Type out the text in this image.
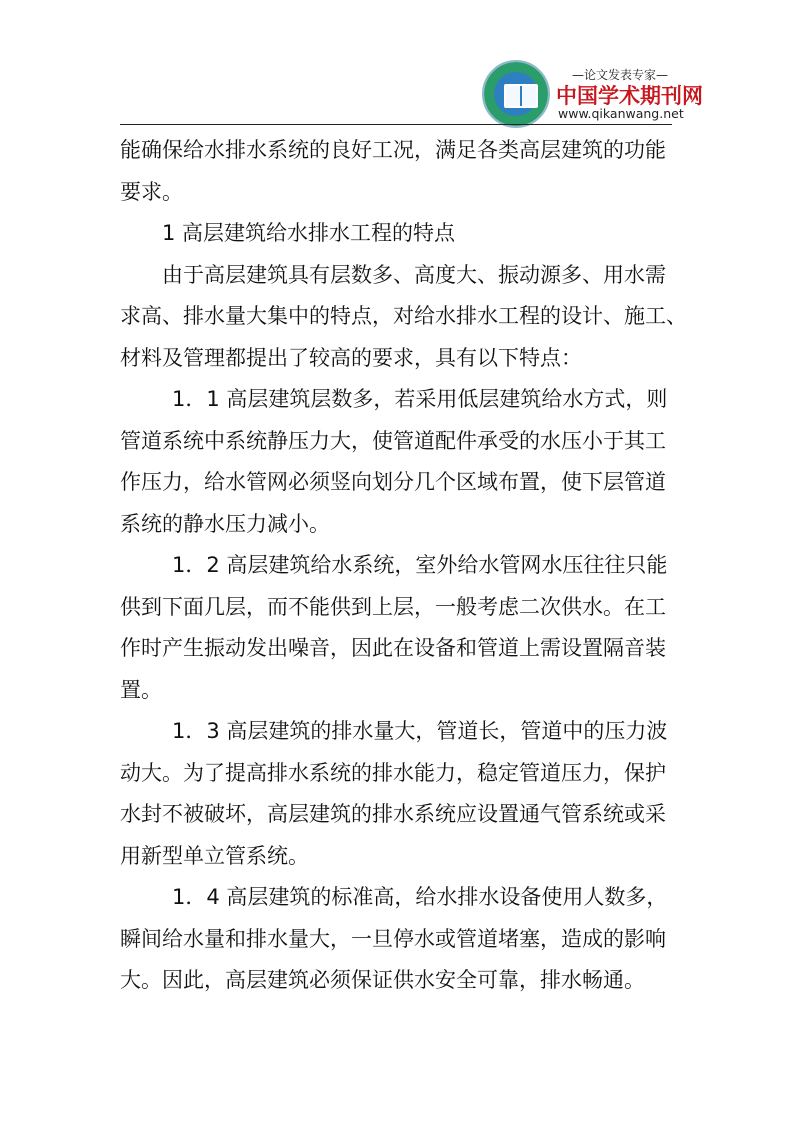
—论文发表专家—
中国学术期刊网
www.qikanwang.net

能确保给水排水系统的良好工况，满足各类高层建筑的功能
要求。

1 高层建筑给水排水工程的特点

由于高层建筑具有层数多、高度大、振动源多、用水需
求高、排水量大集中的特点，对给水排水工程的设计、施工、
材料及管理都提出了较高的要求，具有以下特点：

1．1 高层建筑层数多，若采用低层建筑给水方式，则
管道系统中系统静压力大，使管道配件承受的水压小于其工
作压力，给水管网必须竖向划分几个区域布置，使下层管道
系统的静水压力减小。

1．2 高层建筑给水系统，室外给水管网水压往往只能
供到下面几层，而不能供到上层，一般考虑二次供水。在工
作时产生振动发出噪音，因此在设备和管道上需设置隔音装
置。

1．3 高层建筑的排水量大，管道长，管道中的压力波
动大。为了提高排水系统的排水能力，稳定管道压力，保护
水封不被破坏，高层建筑的排水系统应设置通气管系统或采
用新型单立管系统。

1．4 高层建筑的标准高，给水排水设备使用人数多，
瞬间给水量和排水量大，一旦停水或管道堵塞，造成的影响
大。因此，高层建筑必须保证供水安全可靠，排水畅通。
